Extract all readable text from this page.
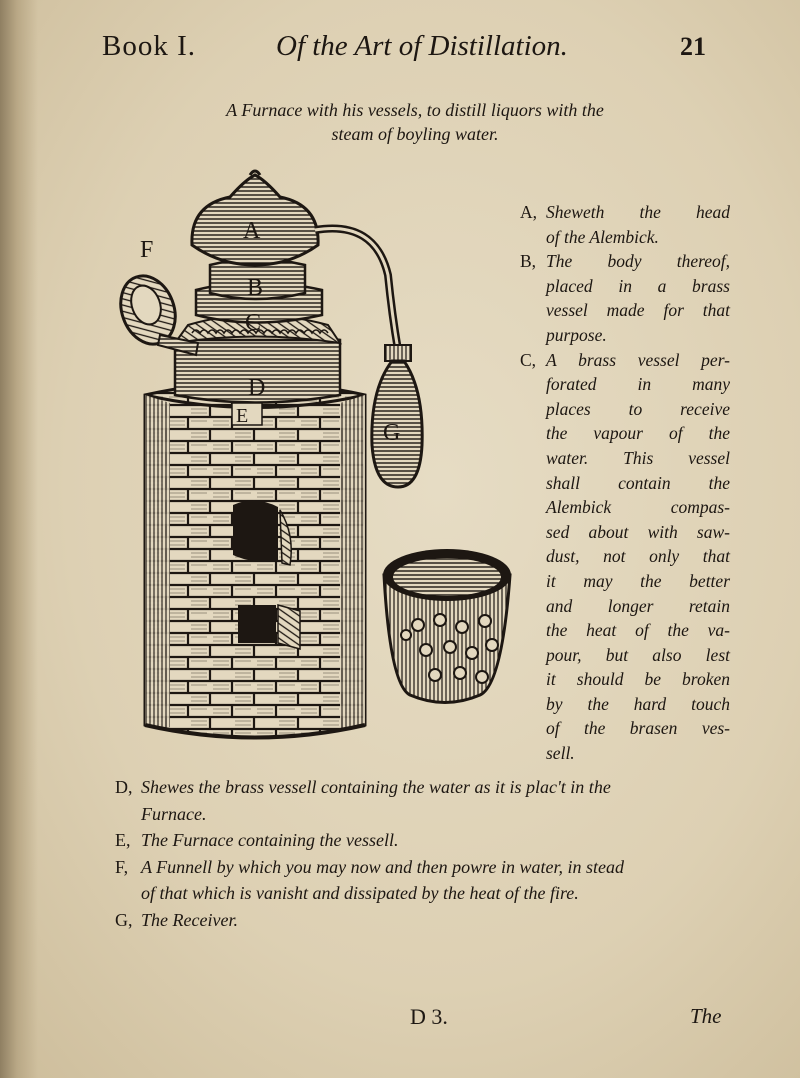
Book I.	Of the Art of Distillation.	21
A Furnace with his vessels, to distill liquors with the
steam of boyling water.
A
B
C
D
E
F
G
A, Sheweth the head
of the Alembick.
B, The body thereof,
placed in a brass
vessel made for that
purpose.
C, A brass vessel per-
forated in many
places to receive
the vapour of the
water. This vessel
shall contain the
Alembick compas-
sed about with saw-
dust, not only that
it may the better
and longer retain
the heat of the va-
pour, but also lest
it should be broken
by the hard touch
of the brasen ves-
sell.
D, Shewes the brass vessell containing the water as it is plac't in the
Furnace.
E, The Furnace containing the vessell.
F, A Funnell by which you may now and then powre in water, in stead
of that which is vanisht and dissipated by the heat of the fire.
G, The Receiver.
D 3.	The
